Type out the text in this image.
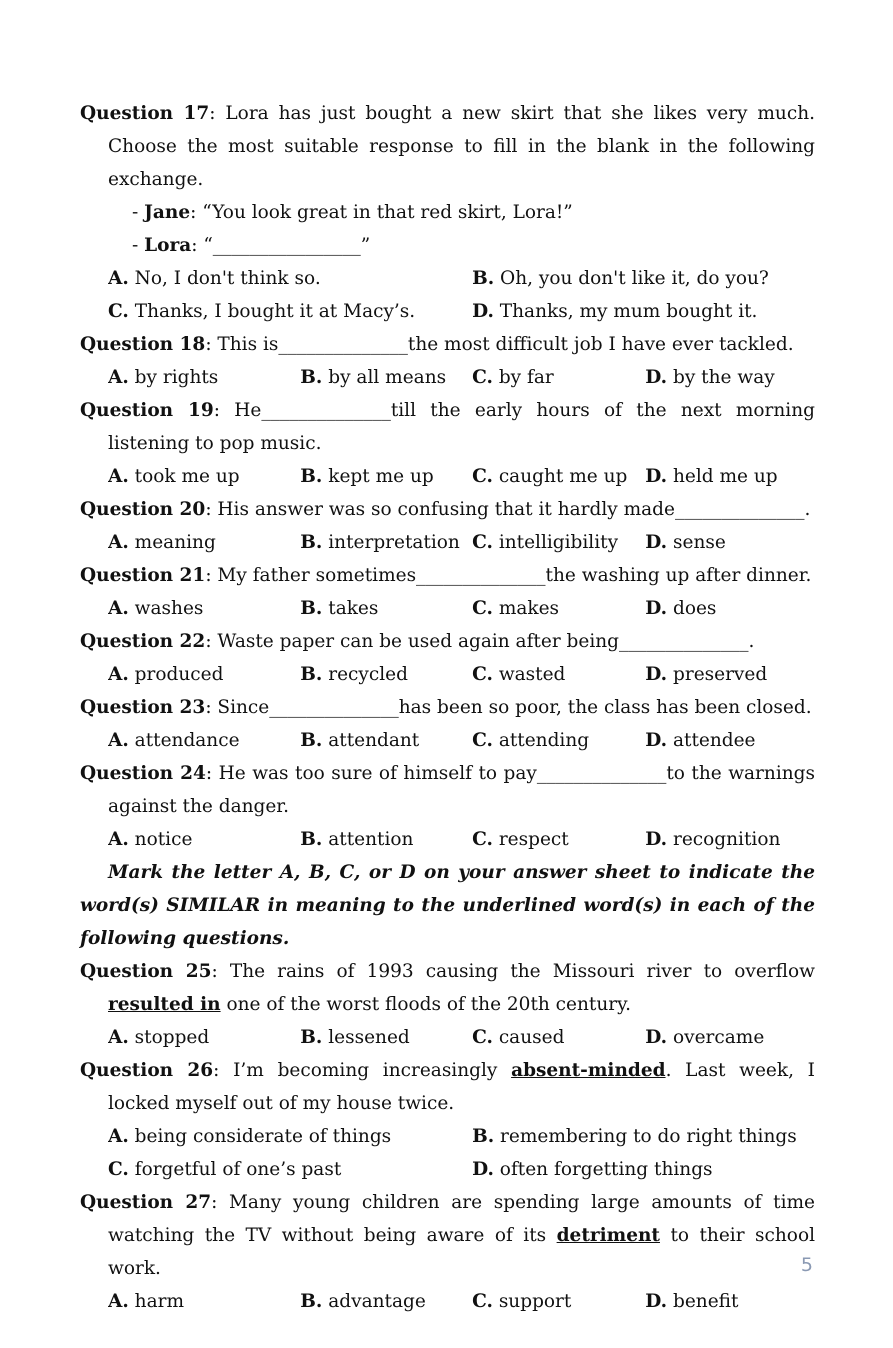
Question 17: Lora has just bought a new skirt that she likes very much. Choose the most suitable response to fill in the blank in the following exchange.

- Jane: “You look great in that red skirt, Lora!”

- Lora: “________________”

A. No, I don't think so.	B. Oh, you don't like it, do you?
C. Thanks, I bought it at Macy’s.	D. Thanks, my mum bought it.

Question 18: This is______________the most difficult job I have ever tackled.

A. by rights	B. by all means	C. by far	D. by the way

Question 19: He______________till the early hours of the next morning listening to pop music.

A. took me up	B. kept me up	C. caught me up D. held me up

Question 20: His answer was so confusing that it hardly made______________.

A. meaning	B. interpretation C. intelligibility	D. sense

Question 21: My father sometimes______________the washing up after dinner.

A. washes	B. takes	C. makes	D. does

Question 22: Waste paper can be used again after being______________.

A. produced	B. recycled	C. wasted	D. preserved

Question 23: Since______________has been so poor, the class has been closed.

A. attendance	B. attendant	C. attending	D. attendee

Question 24: He was too sure of himself to pay______________to the warnings against the danger.

A. notice	B. attention	C. respect	D. recognition

Mark the letter A, B, C, or D on your answer sheet to indicate the word(s) SIMILAR in meaning to the underlined word(s) in each of the following questions.

Question 25: The rains of 1993 causing the Missouri river to overflow resulted in one of the worst floods of the 20th century.

A. stopped	B. lessened	C. caused	D. overcame

Question 26: I’m becoming increasingly absent-minded. Last week, I locked myself out of my house twice.

A. being considerate of things	B. remembering to do right things
C. forgetful of one’s past	D. often forgetting things

Question 27: Many young children are spending large amounts of time watching the TV without being aware of its detriment to their school work.

A. harm	B. advantage	C. support	D. benefit
5
